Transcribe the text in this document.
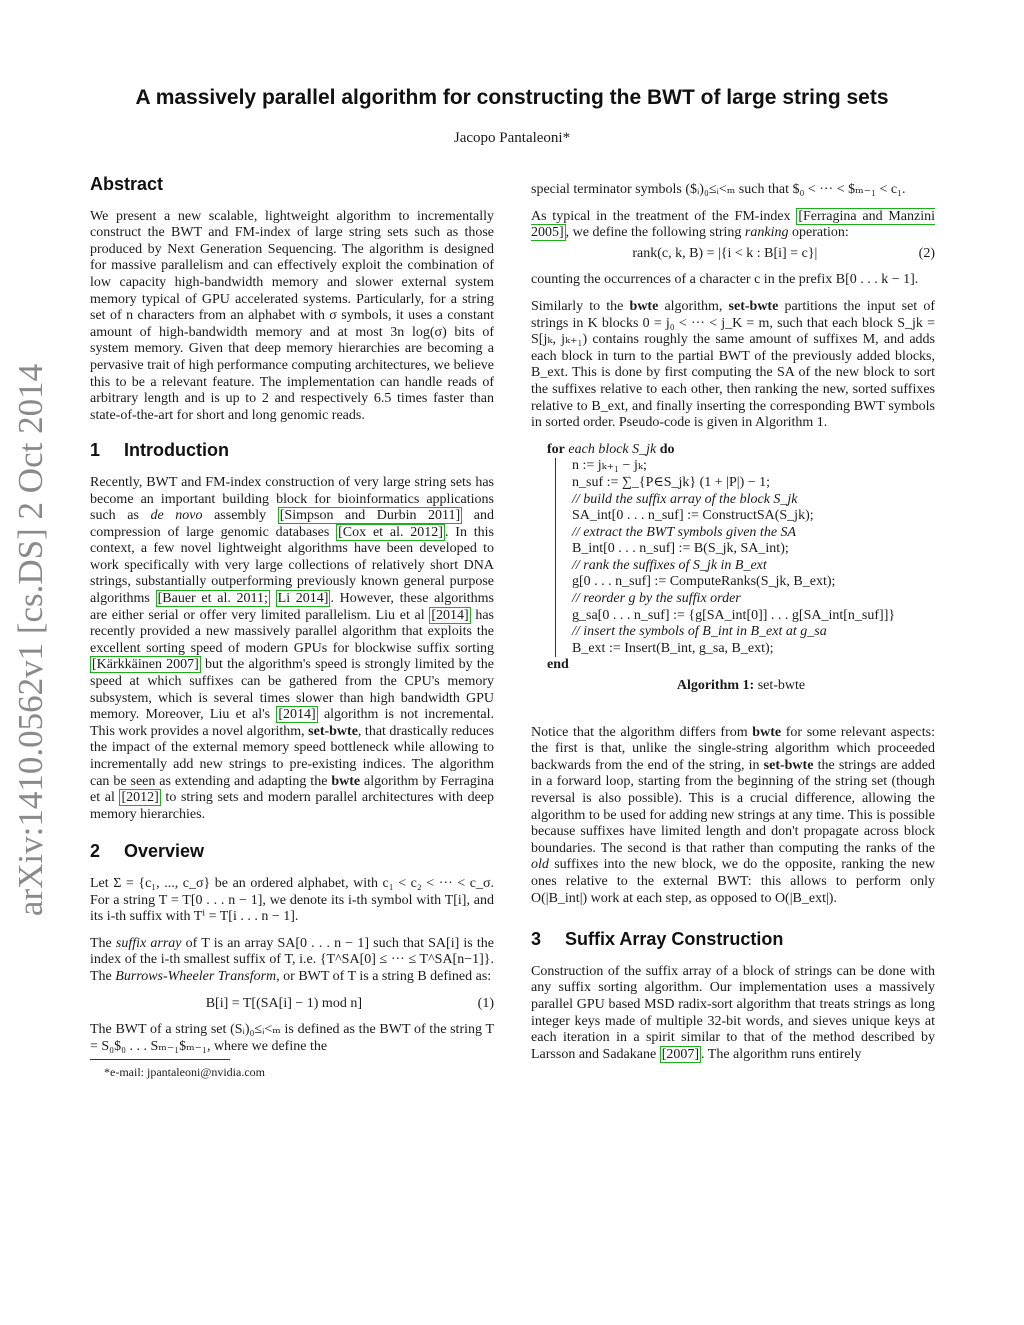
A massively parallel algorithm for constructing the BWT of large string sets
Jacopo Pantaleoni*
arXiv:1410.0562v1 [cs.DS] 2 Oct 2014
Abstract

We present a new scalable, lightweight algorithm to incrementally construct the BWT and FM-index of large string sets such as those produced by Next Generation Sequencing. The algorithm is designed for massive parallelism and can effectively exploit the combination of low capacity high-bandwidth memory and slower external system memory typical of GPU accelerated systems. Particularly, for a string set of n characters from an alphabet with σ symbols, it uses a constant amount of high-bandwidth memory and at most 3n log(σ) bits of system memory. Given that deep memory hierarchies are becoming a pervasive trait of high performance computing architectures, we believe this to be a relevant feature. The implementation can handle reads of arbitrary length and is up to 2 and respectively 6.5 times faster than state-of-the-art for short and long genomic reads.

1 Introduction

Recently, BWT and FM-index construction of very large string sets has become an important building block for bioinformatics applications such as de novo assembly [Simpson and Durbin 2011] and compression of large genomic databases [Cox et al. 2012] . In this context, a few novel lightweight algorithms have been developed to work specifically with very large collections of relatively short DNA strings, substantially outperforming previously known general purpose algorithms [Bauer et al. 2011; Li 2014] . However, these algorithms are either serial or offer very limited parallelism. Liu et al [2014] has recently provided a new massively parallel algorithm that exploits the excellent sorting speed of modern GPUs for blockwise suffix sorting [Kärkkäinen 2007] but the algorithm's speed is strongly limited by the speed at which suffixes can be gathered from the CPU's memory subsystem, which is several times slower than high bandwidth GPU memory. Moreover, Liu et al's [2014] algorithm is not incremental. This work provides a novel algorithm, set-bwte, that drastically reduces the impact of the external memory speed bottleneck while allowing to incrementally add new strings to pre-existing indices. The algorithm can be seen as extending and adapting the bwte algorithm by Ferragina et al [2012] to string sets and modern parallel architectures with deep memory hierarchies.

2 Overview

Let Σ = {c₁, ..., c_σ} be an ordered alphabet, with c₁ < c₂ < ··· < c_σ. For a string T = T[0 . . . n − 1], we denote its i-th symbol with T[i], and its i-th suffix with Tⁱ = T[i . . . n − 1].

The suffix array of T is an array SA[0 . . . n − 1] such that SA[i] is the index of the i-th smallest suffix of T, i.e. {T^SA[0] ≤ ··· ≤ T^SA[n−1]}. The Burrows-Wheeler Transform, or BWT of T is a string B defined as:

B[i] = T[(SA[i] − 1) mod n]	(1)

The BWT of a string set (Sᵢ)₀≤ᵢ<ₘ is defined as the BWT of the string T = S₀$₀ . . . Sₘ₋₁$ₘ₋₁, where we define the

*e-mail: jpantaleoni@nvidia.com

special terminator symbols ($ᵢ)₀≤ᵢ<ₘ such that $₀ < ··· < $ₘ₋₁ < c₁.

As typical in the treatment of the FM-index [Ferragina and Manzini 2005] , we define the following string ranking operation:

rank(c, k, B) = |{i < k : B[i] = c}|	(2)

counting the occurrences of a character c in the prefix B[0 . . . k − 1].

Similarly to the bwte algorithm, set-bwte partitions the input set of strings in K blocks 0 = j₀ < ··· < j_K = m, such that each block S_jk = S[jₖ, jₖ₊₁) contains roughly the same amount of suffixes M, and adds each block in turn to the partial BWT of the previously added blocks, B_ext. This is done by first computing the SA of the new block to sort the suffixes relative to each other, then ranking the new, sorted suffixes relative to B_ext, and finally inserting the corresponding BWT symbols in sorted order. Pseudo-code is given in Algorithm 1.

for each block S_jk do
n := jₖ₊₁ − jₖ;
n_suf := ∑_{P∈S_jk} (1 + |P|) − 1;
// build the suffix array of the block S_jk
SA_int[0 . . . n_suf] := ConstructSA(S_jk);
// extract the BWT symbols given the SA
B_int[0 . . . n_suf] := B(S_jk, SA_int);
// rank the suffixes of S_jk in B_ext
g[0 . . . n_suf] := ComputeRanks(S_jk, B_ext);
// reorder g by the suffix order
g_sa[0 . . . n_suf] := {g[SA_int[0]] . . . g[SA_int[n_suf]]}
// insert the symbols of B_int in B_ext at g_sa
B_ext := Insert(B_int, g_sa, B_ext);
end
Algorithm 1: set-bwte

Notice that the algorithm differs from bwte for some relevant aspects: the first is that, unlike the single-string algorithm which proceeded backwards from the end of the string, in set-bwte the strings are added in a forward loop, starting from the beginning of the string set (though reversal is also possible). This is a crucial difference, allowing the algorithm to be used for adding new strings at any time. This is possible because suffixes have limited length and don't propagate across block boundaries. The second is that rather than computing the ranks of the old suffixes into the new block, we do the opposite, ranking the new ones relative to the external BWT: this allows to perform only O(|B_int|) work at each step, as opposed to O(|B_ext|).

3 Suffix Array Construction

Construction of the suffix array of a block of strings can be done with any suffix sorting algorithm. Our implementation uses a massively parallel GPU based MSD radix-sort algorithm that treats strings as long integer keys made of multiple 32-bit words, and sieves unique keys at each iteration in a spirit similar to that of the method described by Larsson and Sadakane [2007] . The algorithm runs entirely
